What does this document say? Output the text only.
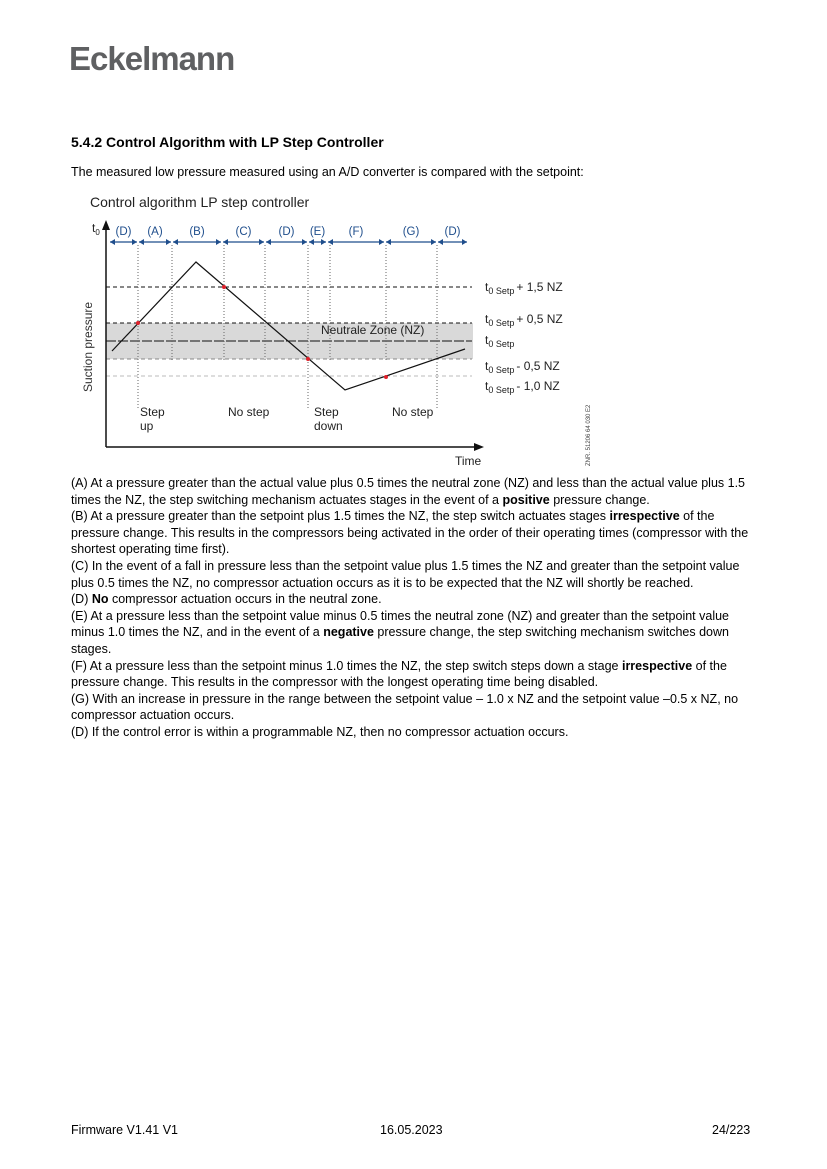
Eckelmann
5.4.2 Control Algorithm with LP Step Controller
The measured low pressure measured using an A/D converter is compared with the setpoint:
Control algorithm LP step controller
$t_0$
Suction pressure
Time
Neutrale Zone (NZ)
(D) (A) (B)	(C) (D) (E) (F)	(G) (D)
$t_{0 Setp} + 1,5$ NZ
$t_{0 Setp} + 0,5$ NZ
$t_{0 Setp}$
$t_{0 Setp} - 0,5$ NZ
$t_{0 Setp} - 1,0$ NZ
Step
up
No step	Step
down
No step	ZNR. 51206 64 030 E2

(A) At a pressure greater than the actual value plus 0.5 times the neutral zone (NZ) and less than the actual value plus 1.5 times the NZ, the step switching mechanism actuates stages in the event of a positive pressure change.

(B) At a pressure greater than the setpoint plus 1.5 times the NZ, the step switch actuates stages irrespective of the pressure change. This results in the compressors being activated in the order of their operating times (compressor with the shortest operating time first).

(C) In the event of a fall in pressure less than the setpoint value plus 1.5 times the NZ and greater than the setpoint value plus 0.5 times the NZ, no compressor actuation occurs as it is to be expected that the NZ will shortly be reached.

(D) No compressor actuation occurs in the neutral zone.

(E) At a pressure less than the setpoint value minus 0.5 times the neutral zone (NZ) and greater than the setpoint value minus 1.0 times the NZ, and in the event of a negative pressure change, the step switching mechanism switches down stages.

(F) At a pressure less than the setpoint minus 1.0 times the NZ, the step switch steps down a stage irrespective of the pressure change. This results in the compressor with the longest operating time being disabled.

(G) With an increase in pressure in the range between the setpoint value – 1.0 x NZ and the setpoint value –0.5 x NZ, no compressor actuation occurs.

(D) If the control error is within a programmable NZ, then no compressor actuation occurs.

Firmware V1.41 V1	16.05.2023	24/223
